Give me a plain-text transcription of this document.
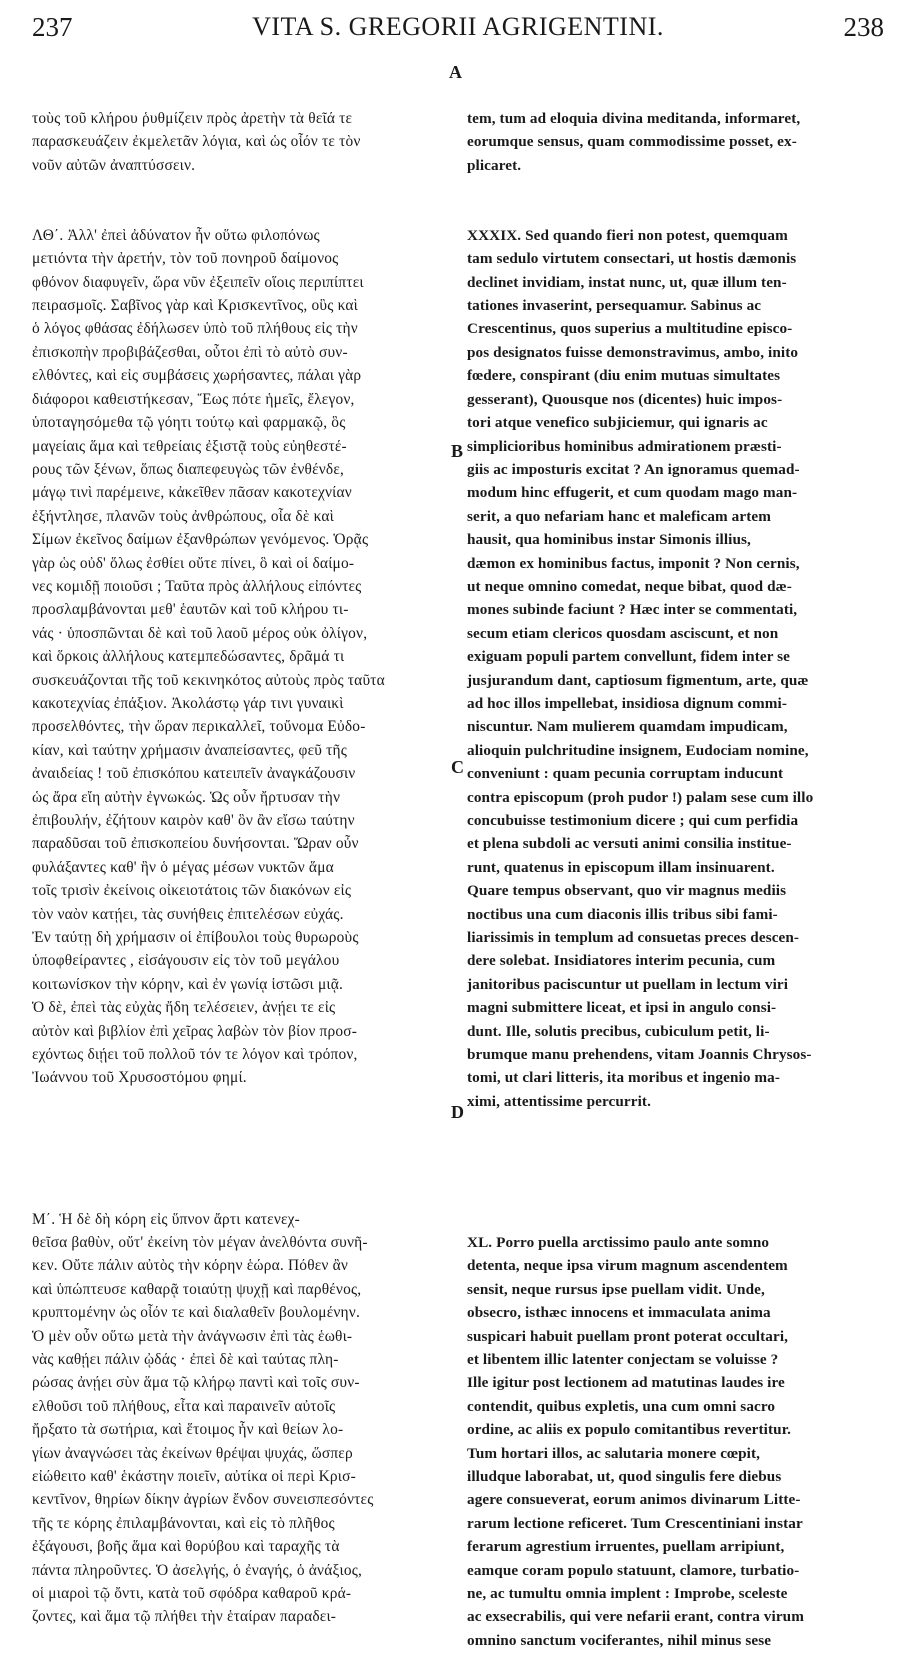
237	VITA S. GREGORII AGRIGENTINI.	238

τοὺς τοῦ κλήρου ῥυθμίζειν πρὸς ἀρετὴν τὰ θεῖά τε
παρασκευάζειν ἐκμελετᾶν λόγια, καὶ ὡς οἷόν τε τὸν
νοῦν αὐτῶν ἀναπτύσσειν.

ΛΘ΄. Ἀλλ' ἐπεὶ ἀδύνατον ἦν οὕτω φιλοπόνως
μετιόντα τὴν ἀρετήν, τὸν τοῦ πονηροῦ δαίμονος
φθόνον διαφυγεῖν, ὥρα νῦν ἐξειπεῖν οἵοις περιπίπτει
πειρασμοῖς. Σαβῖνος γὰρ καὶ Κρισκεντῖνος, οὓς καὶ
ὁ λόγος φθάσας ἐδήλωσεν ὑπὸ τοῦ πλήθους εἰς τὴν
ἐπισκοπὴν προβιβάζεσθαι, οὗτοι ἐπὶ τὸ αὐτὸ συν-
ελθόντες, καὶ εἰς συμβάσεις χωρήσαντες, πάλαι γὰρ
διάφοροι καθειστήκεσαν, Ἕως πότε ἡμεῖς, ἔλεγον,
ὑποταγησόμεθα τῷ γόητι τούτῳ καὶ φαρμακῷ, ὃς
μαγείαις ἅμα καὶ τεθρείαις ἐξιστᾷ τοὺς εὐηθεστέ-
ρους τῶν ξένων, ὅπως διαπεφευγὼς τῶν ἐνθένδε,
μάγῳ τινὶ παρέμεινε, κἀκεῖθεν πᾶσαν κακοτεχνίαν
ἐξήντλησε, πλανῶν τοὺς ἀνθρώπους, οἷα δὲ καὶ
Σίμων ἐκεῖνος δαίμων ἐξανθρώπων γενόμενος. Ὁρᾷς
γὰρ ὡς οὐδ' ὅλως ἐσθίει οὔτε πίνει, ὃ καὶ οἱ δαίμο-
νες κομιδῇ ποιοῦσι ; Ταῦτα πρὸς ἀλλήλους εἰπόντες
προσλαμβάνονται μεθ' ἑαυτῶν καὶ τοῦ κλήρου τι-
νάς · ὑποσπῶνται δὲ καὶ τοῦ λαοῦ μέρος οὐκ ὀλίγον,
καὶ ὅρκοις ἀλλήλους κατεμπεδώσαντες, δρᾶμά τι
συσκευάζονται τῆς τοῦ κεκινηκότος αὐτοὺς πρὸς ταῦτα
κακοτεχνίας ἐπάξιον. Ἀκολάστῳ γάρ τινι γυναικὶ
προσελθόντες, τὴν ὥραν περικαλλεῖ, τοὔνομα Εὐδο-
κίαν, καὶ ταύτην χρήμασιν ἀναπείσαντες, φεῦ τῆς
ἀναιδείας ! τοῦ ἐπισκόπου κατειπεῖν ἀναγκάζουσιν
ὡς ἄρα εἴη αὐτὴν ἐγνωκώς. Ὡς οὖν ἤρτυσαν τὴν
ἐπιβουλήν, ἐζήτουν καιρὸν καθ' ὃν ἂν εἴσω ταύτην
παραδῦσαι τοῦ ἐπισκοπείου δυνήσονται. Ὥραν οὖν
φυλάξαντες καθ' ἣν ὁ μέγας μέσων νυκτῶν ἅμα
τοῖς τρισὶν ἐκείνοις οἰκειοτάτοις τῶν διακόνων εἰς
τὸν ναὸν κατῄει, τὰς συνήθεις ἐπιτελέσων εὐχάς.
Ἐν ταύτῃ δὴ χρήμασιν οἱ ἐπίβουλοι τοὺς θυρωροὺς
ὑποφθείραντες , εἰσάγουσιν εἰς τὸν τοῦ μεγάλου
κοιτωνίσκον τὴν κόρην, καὶ ἐν γωνίᾳ ἱστῶσι μιᾷ.
Ὁ δὲ, ἐπεὶ τὰς εὐχὰς ἤδη τελέσειεν, ἀνῄει τε εἰς
αὐτὸν καὶ βιβλίον ἐπὶ χεῖρας λαβὼν τὸν βίον προσ-
εχόντως διῄει τοῦ πολλοῦ τόν τε λόγον καὶ τρόπον,
Ἰωάννου τοῦ Χρυσοστόμου φημί.

Μ΄. Ἡ δὲ δὴ κόρη εἰς ὕπνον ἄρτι κατενεχ-
θεῖσα βαθὺν, οὔτ' ἐκείνη τὸν μέγαν ἀνελθόντα συνῆ-
κεν. Οὔτε πάλιν αὐτὸς τὴν κόρην ἑώρα. Πόθεν ἂν
καὶ ὑπώπτευσε καθαρᾷ τοιαύτῃ ψυχῇ καὶ παρθένος,
κρυπτομένην ὡς οἷόν τε καὶ διαλαθεῖν βουλομένην.
Ὁ μὲν οὖν οὕτω μετὰ τὴν ἀνάγνωσιν ἐπὶ τὰς ἑωθι-
νὰς καθῄει πάλιν ᾠδάς · ἐπεὶ δὲ καὶ ταύτας πλη-
ρώσας ἀνῄει σὺν ἅμα τῷ κλήρῳ παντὶ καὶ τοῖς συν-
ελθοῦσι τοῦ πλήθους, εἶτα καὶ παραινεῖν αὐτοῖς
ἤρξατο τὰ σωτήρια, καὶ ἕτοιμος ἦν καὶ θείων λο-
γίων ἀναγνώσει τὰς ἐκείνων θρέψαι ψυχάς, ὥσπερ
εἰώθειτο καθ' ἑκάστην ποιεῖν, αὐτίκα οἱ περὶ Κρισ-
κεντῖνον, θηρίων δίκην ἀγρίων ἔνδον συνεισπεσόντες
τῆς τε κόρης ἐπιλαμβάνονται, καὶ εἰς τὸ πλῆθος
ἐξάγουσι, βοῆς ἅμα καὶ θορύβου καὶ ταραχῆς τὰ
πάντα πληροῦντες. Ὁ ἀσελγής, ὁ ἐναγής, ὁ ἀνάξιος,
οἱ μιαροὶ τῷ ὄντι, κατὰ τοῦ σφόδρα καθαροῦ κρά-
ζοντες, καὶ ἅμα τῷ πλήθει τὴν ἑταίραν παραδει-

tem, tum ad eloquia divina meditanda, informaret,
eorumque sensus, quam commodissime posset, ex-
plicaret.

XXXIX. Sed quando fieri non potest, quemquam
tam sedulo virtutem consectari, ut hostis dæmonis
declinet invidiam, instat nunc, ut, quæ illum ten-
tationes invaserint, persequamur. Sabinus ac
Crescentinus, quos superius a multitudine episco-
pos designatos fuisse demonstravimus, ambo, inito
fœdere, conspirant (diu enim mutuas simultates
gesserant), Quousque nos (dicentes) huic impos-
tori atque venefico subjiciemur, qui ignaris ac
simplicioribus hominibus admirationem præsti-
giis ac imposturis excitat ? An ignoramus quemad-
modum hinc effugerit, et cum quodam mago man-
serit, a quo nefariam hanc et maleficam artem
hausit, qua hominibus instar Simonis illius,
dæmon ex hominibus factus, imponit ? Non cernis,
ut neque omnino comedat, neque bibat, quod dæ-
mones subinde faciunt ? Hæc inter se commentati,
secum etiam clericos quosdam asciscunt, et non
exiguam populi partem convellunt, fidem inter se
jusjurandum dant, captiosum figmentum, arte, quæ
ad hoc illos impellebat, insidiosa dignum commi-
niscuntur. Nam mulierem quamdam impudicam,
alioquin pulchritudine insignem, Eudociam nomine,
conveniunt : quam pecunia corruptam inducunt
contra episcopum (proh pudor !) palam sese cum illo
concubuisse testimonium dicere ; qui cum perfidia
et plena subdoli ac versuti animi consilia institue-
runt, quatenus in episcopum illam insinuarent.
Quare tempus observant, quo vir magnus mediis
noctibus una cum diaconis illis tribus sibi fami-
liarissimis in templum ad consuetas preces descen-
dere solebat. Insidiatores interim pecunia, cum
janitoribus paciscuntur ut puellam in lectum viri
magni submittere liceat, et ipsi in angulo consi-
dunt. Ille, solutis precibus, cubiculum petit, li-
brumque manu prehendens, vitam Joannis Chrysos-
tomi, ut clari litteris, ita moribus et ingenio ma-
ximi, attentissime percurrit.

XL. Porro puella arctissimo paulo ante somno
detenta, neque ipsa virum magnum ascendentem
sensit, neque rursus ipse puellam vidit. Unde,
obsecro, isthæc innocens et immaculata anima
suspicari habuit puellam pront poterat occultari,
et libentem illic latenter conjectam se voluisse ?
Ille igitur post lectionem ad matutinas laudes ire
contendit, quibus expletis, una cum omni sacro
ordine, ac aliis ex populo comitantibus revertitur.
Tum hortari illos, ac salutaria monere cœpit,
illudque laborabat, ut, quod singulis fere diebus
agere consueverat, eorum animos divinarum Litte-
rarum lectione reficeret. Tum Crescentiniani instar
ferarum agrestium irruentes, puellam arripiunt,
eamque coram populo statuunt, clamore, turbatio-
ne, ac tumultu omnia implent : Improbe, sceleste
ac exsecrabilis, qui vere nefarii erant, contra virum
omnino sanctum vociferantes, nihil minus sese

A
B
C
D
